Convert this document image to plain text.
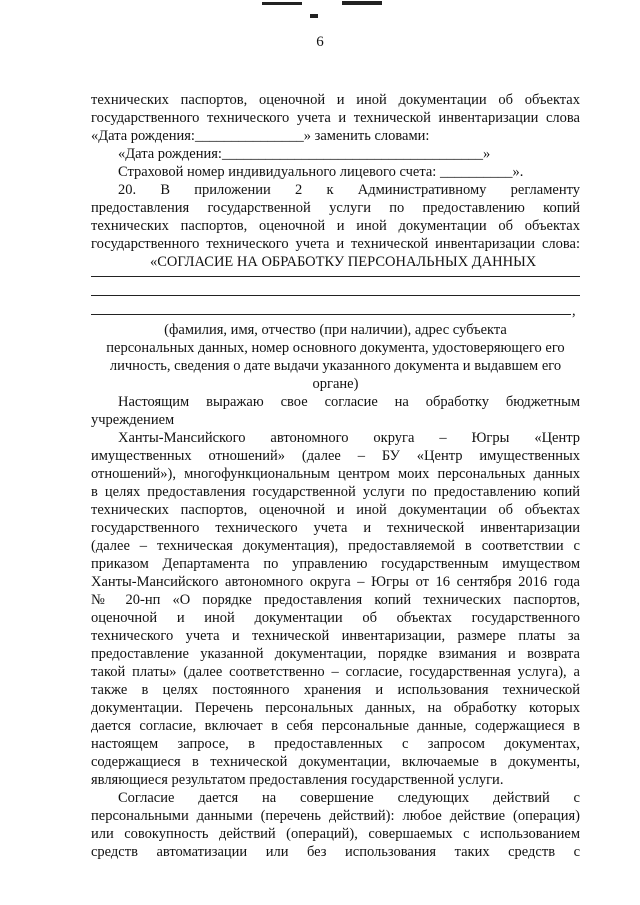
6
технических паспортов, оценочной и иной документации об объектах
государственного технического учета и технической инвентаризации слова
«Дата рождения:_______________» заменить словами:
«Дата рождения:____________________________________»
Страховой номер индивидуального лицевого счета: __________».
20. В приложении 2 к Административному регламенту
предоставления государственной услуги по предоставлению копий
технических паспортов, оценочной и иной документации об объектах
государственного технического учета и технической инвентаризации слова:
«СОГЛАСИЕ НА ОБРАБОТКУ ПЕРСОНАЛЬНЫХ ДАННЫХ
,
(фамилия, имя, отчество (при наличии), адрес субъекта
персональных данных, номер основного документа, удостоверяющего его
личность, сведения о дате выдачи указанного документа и выдавшем его
органе)
Настоящим выражаю свое согласие на обработку бюджетным
учреждением
Ханты-Мансийского автономного округа – Югры «Центр
имущественных отношений» (далее – БУ «Центр имущественных
отношений»), многофункциональным центром моих персональных данных
в целях предоставления государственной услуги по предоставлению копий
технических паспортов, оценочной и иной документации об объектах
государственного технического учета и технической инвентаризации
(далее – техническая документация), предоставляемой в соответствии с
приказом Департамента по управлению государственным имуществом
Ханты-Мансийского автономного округа – Югры от 16 сентября 2016 года
№ 20-нп «О порядке предоставления копий технических паспортов,
оценочной и иной документации об объектах государственного
технического учета и технической инвентаризации, размере платы за
предоставление указанной документации, порядке взимания и возврата
такой платы» (далее соответственно – согласие, государственная услуга), а
также в целях постоянного хранения и использования технической
документации. Перечень персональных данных, на обработку которых
дается согласие, включает в себя персональные данные, содержащиеся в
настоящем запросе, в предоставленных с запросом документах,
содержащиеся в технической документации, включаемые в документы,
являющиеся результатом предоставления государственной услуги.
Согласие дается на совершение следующих действий с
персональными данными (перечень действий): любое действие (операция)
или совокупность действий (операций), совершаемых с использованием
средств автоматизации или без использования таких средств с
